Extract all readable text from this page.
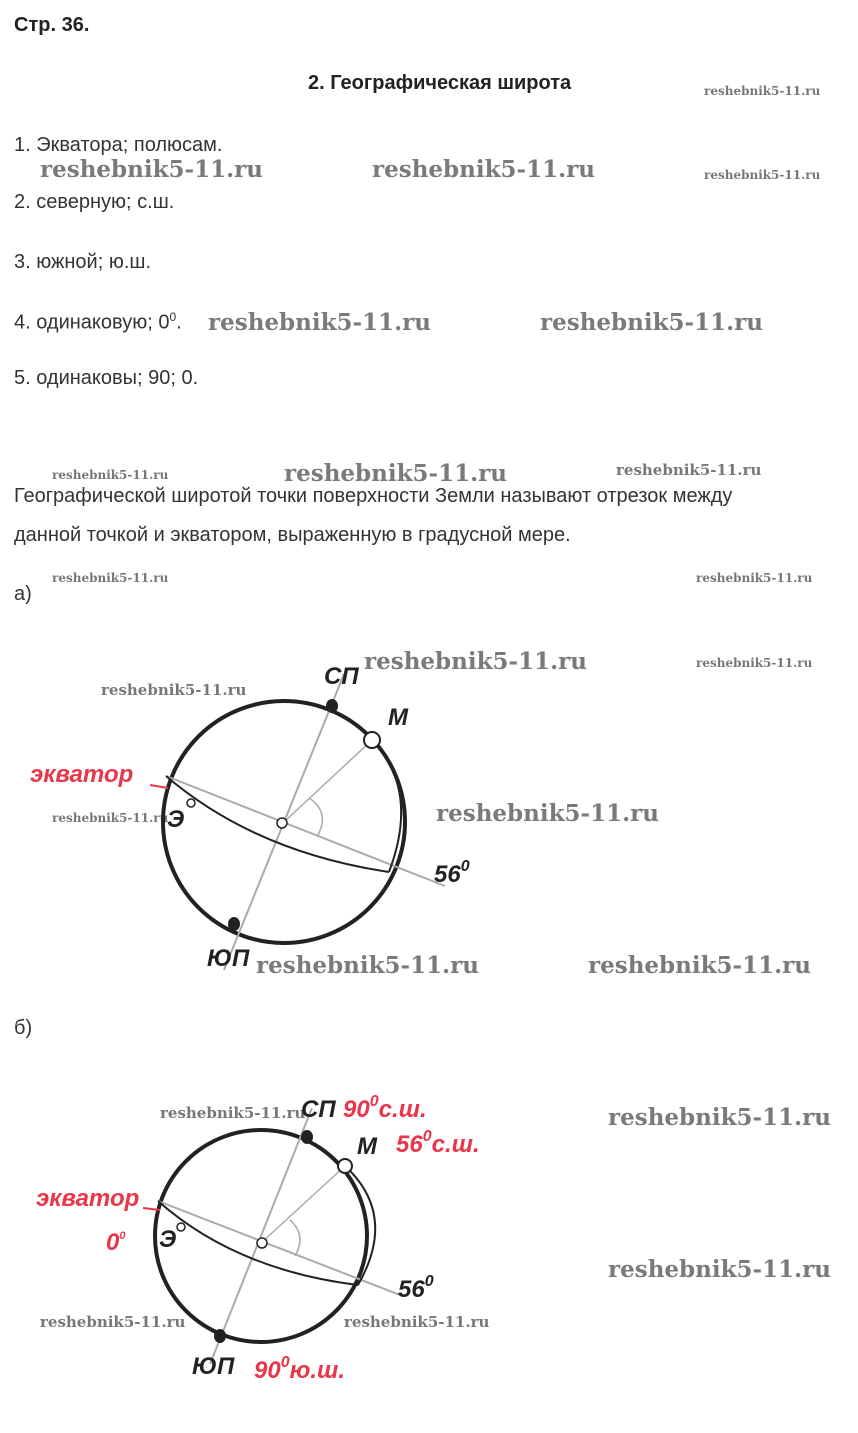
Стр. 36.
2. Географическая широта
1. Экватора; полюсам.
2. северную; с.ш.
3. южной; ю.ш.
4. одинаковую; $0^0$.
5. одинаковы; 90; 0.
Географической широтой точки поверхности Земли называют отрезок между
данной точкой и экватором, выраженную в градусной мере.
reshebnik5-11.ru
reshebnik5-11.ru	reshebnik5-11.ru	reshebnik5-11.ru
reshebnik5-11.ru	reshebnik5-11.ru
reshebnik5-11.ru	reshebnik5-11.ru	reshebnik5-11.ru
reshebnik5-11.ru	reshebnik5-11.ru
reshebnik5-11.ru	reshebnik5-11.ru
reshebnik5-11.ru
reshebnik5-11.ru	reshebnik5-11.ru
reshebnik5-11.ru	reshebnik5-11.ru
reshebnik5-11.ru	reshebnik5-11.ru
reshebnik5-11.ru
reshebnik5-11.ru	reshebnik5-11.ru
а)
б)
СП
М
экватор
Э
$56^0$
ЮП
СП $90^0с.ш$.
М $56^0с.ш$.
экватор
$0^0$ Э
$56^0$
ЮП $90^0ю.ш$.
